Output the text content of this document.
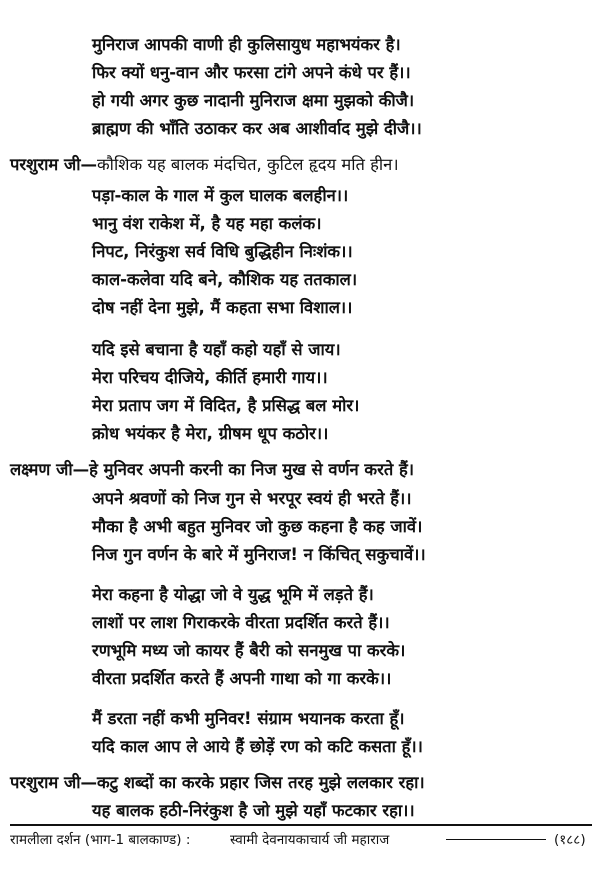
मुनिराज आपकी वाणी ही कुलिसायुध महाभयंकर है।
फिर क्यों धनु-वान और फरसा टांगे अपने कंधे पर हैं।।
हो गयी अगर कुछ नादानी मुनिराज क्षमा मुझको कीजै।
ब्राह्मण की भाँति उठाकर कर अब आशीर्वाद मुझे दीजै।।
परशुराम जी—कौशिक यह बालक मंदचित, कुटिल हृदय मति हीन।
पड़ा-काल के गाल में कुल घालक बलहीन।।
भानु वंश राकेश में, है यह महा कलंक।
निपट, निरंकुश सर्व विधि बुद्धिहीन निःशंक।।
काल-कलेवा यदि बने, कौशिक यह ततकाल।
दोष नहीं देना मुझे, मैं कहता सभा विशाल।।
यदि इसे बचाना है यहाँ कहो यहाँ से जाय।
मेरा परिचय दीजिये, कीर्ति हमारी गाय।।
मेरा प्रताप जग में विदित, है प्रसिद्ध बल मोर।
क्रोध भयंकर है मेरा, ग्रीषम धूप कठोर।।
लक्ष्मण जी—हे मुनिवर अपनी करनी का निज मुख से वर्णन करते हैं।
अपने श्रवणों को निज गुन से भरपूर स्वयं ही भरते हैं।।
मौका है अभी बहुत मुनिवर जो कुछ कहना है कह जावें।
निज गुन वर्णन के बारे में मुनिराज! न किंचित् सकुचावें।।
मेरा कहना है योद्धा जो वे युद्ध भूमि में लड़ते हैं।
लाशों पर लाश गिराकरके वीरता प्रदर्शित करते हैं।।
रणभूमि मध्य जो कायर हैं बैरी को सनमुख पा करके।
वीरता प्रदर्शित करते हैं अपनी गाथा को गा करके।।
मैं डरता नहीं कभी मुनिवर! संग्राम भयानक करता हूँ।
यदि काल आप ले आये हैं छोड़ें रण को कटि कसता हूँ।।
परशुराम जी—कटु शब्दों का करके प्रहार जिस तरह मुझे ललकार रहा।
यह बालक हठी-निरंकुश है जो मुझे यहाँ फटकार रहा।।
रामलीला दर्शन (भाग-1 बालकाण्ड) :	स्वामी देवनायकाचार्य जी महाराज	(१८८)
